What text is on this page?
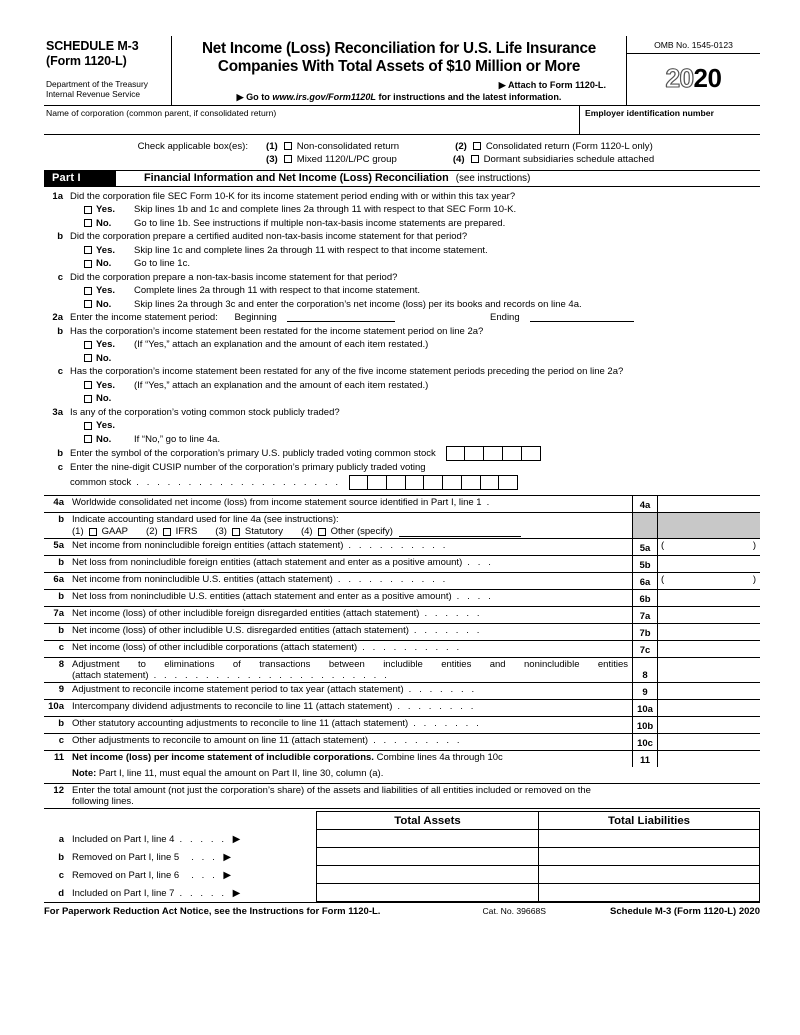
SCHEDULE M-3
(Form 1120-L)
Department of the Treasury
Internal Revenue Service
Net Income (Loss) Reconciliation for U.S. Life Insurance
Companies With Total Assets of $10 Million or More
▶ Attach to Form 1120-L.
▶ Go to www.irs.gov/Form1120L for instructions and the latest information.
OMB No. 1545-0123
2020
Name of corporation (common parent, if consolidated return)	Employer identification number
Check applicable box(es):	(1) Non-consolidated return	(2) Consolidated return (Form 1120-L only)
(3) Mixed 1120/L/PC group	(4) Dormant subsidiaries schedule attached
Part I	Financial Information and Net Income (Loss) Reconciliation (see instructions)
1a Did the corporation file SEC Form 10-K for its income statement period ending with or within this tax year?
Yes.	Skip lines 1b and 1c and complete lines 2a through 11 with respect to that SEC Form 10-K.
No.	Go to line 1b. See instructions if multiple non-tax-basis income statements are prepared.
b Did the corporation prepare a certified audited non-tax-basis income statement for that period?
Yes.	Skip line 1c and complete lines 2a through 11 with respect to that income statement.
No.	Go to line 1c.
c Did the corporation prepare a non-tax-basis income statement for that period?
Yes.	Complete lines 2a through 11 with respect to that income statement.
No.	Skip lines 2a through 3c and enter the corporation’s net income (loss) per its books and records on line 4a.
2a Enter the income statement period: Beginning	Ending
b Has the corporation’s income statement been restated for the income statement period on line 2a?
Yes.	(If “Yes,” attach an explanation and the amount of each item restated.)
No.
c Has the corporation’s income statement been restated for any of the five income statement periods preceding the period on line 2a?
Yes.	(If “Yes,” attach an explanation and the amount of each item restated.)
No.
3a Is any of the corporation’s voting common stock publicly traded?
Yes.
No.	If “No,” go to line 4a.
b Enter the symbol of the corporation’s primary U.S. publicly traded voting common stock
c Enter the nine-digit CUSIP number of the corporation’s primary publicly traded voting
common stock . . . . . . . . . . . . . . . . . . . .
4a Worldwide consolidated net income (loss) from income statement source identified in Part I, line 1 .	4a
b Indicate accounting standard used for line 4a (see instructions):
(1) GAAP (2) IFRS (3) Statutory (4) Other (specify)
5a Net income from nonincludible foreign entities (attach statement) . . . . . . . . . .	5a	(	)
b Net loss from nonincludible foreign entities (attach statement and enter as a positive amount) . . .	5b
6a Net income from nonincludible U.S. entities (attach statement) . . . . . . . . . . .	6a	(	)
b Net loss from nonincludible U.S. entities (attach statement and enter as a positive amount) . . . .	6b
7a Net income (loss) of other includible foreign disregarded entities (attach statement) . . . . . .	7a
b Net income (loss) of other includible U.S. disregarded entities (attach statement) . . . . . . .	7b
c Net income (loss) of other includible corporations (attach statement) . . . . . . . . . .	7c
8 Adjustment to eliminations of transactions between includible entities and nonincludible entities
(attach statement) . . . . . . . . . . . . . . . . . . . . . . .	8
9 Adjustment to reconcile income statement period to tax year (attach statement) . . . . . . .	9
10a Intercompany dividend adjustments to reconcile to line 11 (attach statement) . . . . . . . .	10a
b Other statutory accounting adjustments to reconcile to line 11 (attach statement) . . . . . . .	10b
c Other adjustments to reconcile to amount on line 11 (attach statement) . . . . . . . . .	10c
11 Net income (loss) per income statement of includible corporations. Combine lines 4a through 10c	11
Note: Part I, line 11, must equal the amount on Part II, line 30, column (a).
12 Enter the total amount (not just the corporation’s share) of the assets and liabilities of all entities included or removed on the
following lines.
Total Assets	Total Liabilities
a Included on Part I, line 4 . . . . . ▶
b Removed on Part I, line 5 . . . ▶
c Removed on Part I, line 6 . . . ▶
d Included on Part I, line 7 . . . . . ▶
For Paperwork Reduction Act Notice, see the Instructions for Form 1120-L.	Cat. No. 39668S	Schedule M-3 (Form 1120-L) 2020
